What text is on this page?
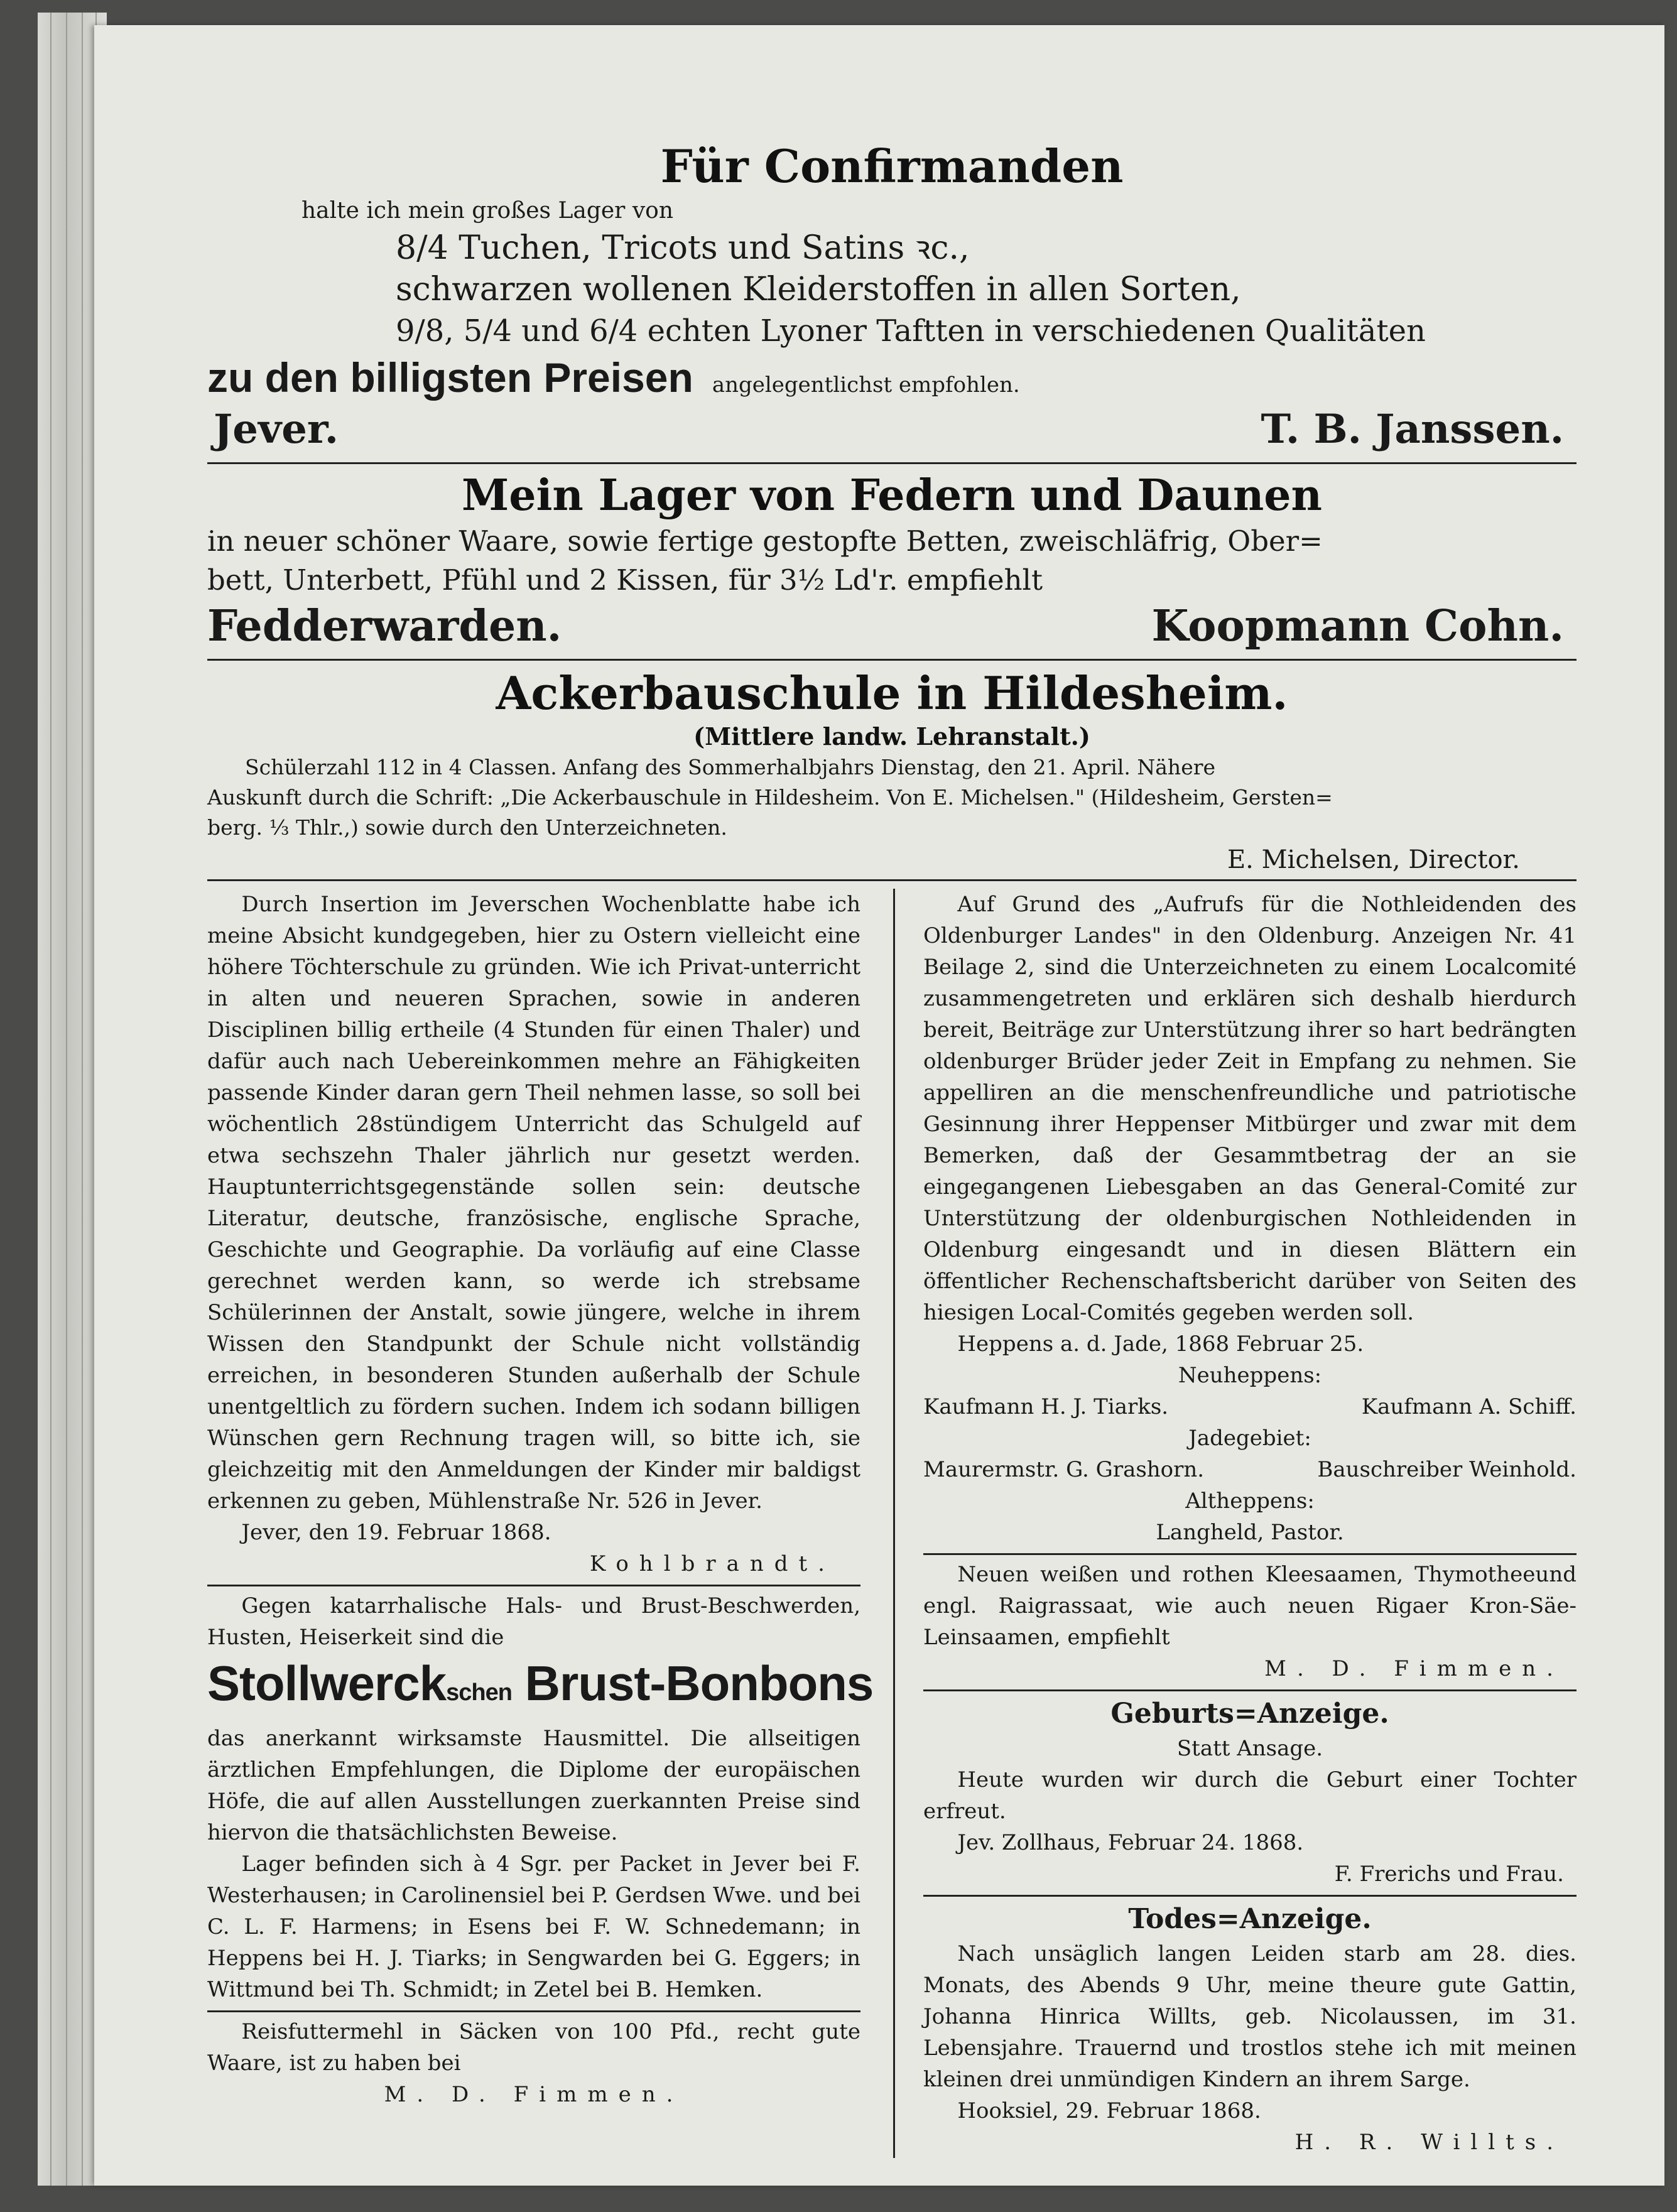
Für Confirmanden
halte ich mein großes Lager von
8/4 Tuchen, Tricots und Satins ꝛc.,
schwarzen wollenen Kleiderstoffen in allen Sorten,
9/8, 5/4 und 6/4 echten Lyoner Taftten in verschiedenen Qualitäten
zu den billigsten Preisen angelegentlichst empfohlen.
Jever.	T. B. Janssen.
Mein Lager von Federn und Daunen
in neuer schöner Waare, sowie fertige gestopfte Betten, zweischläfrig, Ober=
bett, Unterbett, Pfühl und 2 Kissen, für 3½ Ld'r. empfiehlt
Fedderwarden.	Koopmann Cohn.
Ackerbauschule in Hildesheim.
(Mittlere landw. Lehranstalt.)
Schülerzahl 112 in 4 Classen. Anfang des Sommerhalbjahrs Dienstag, den 21. April. Nähere
Auskunft durch die Schrift: „Die Ackerbauschule in Hildesheim. Von E. Michelsen." (Hildesheim, Gersten=
berg. ⅓ Thlr.,) sowie durch den Unterzeichneten.
E. Michelsen, Director.

Durch Insertion im Jeverschen Wochenblatte habe ich meine Absicht kundgegeben, hier zu Ostern vielleicht eine höhere Töchterschule zu gründen. Wie ich Privat-unterricht in alten und neueren Sprachen, sowie in anderen Disciplinen billig ertheile (4 Stunden für einen Thaler) und dafür auch nach Uebereinkommen mehre an Fähigkeiten passende Kinder daran gern Theil nehmen lasse, so soll bei wöchentlich 28stündigem Unterricht das Schulgeld auf etwa sechszehn Thaler jährlich nur gesetzt werden. Hauptunterrichtsgegenstände sollen sein: deutsche Literatur, deutsche, französische, englische Sprache, Geschichte und Geographie. Da vorläufig auf eine Classe gerechnet werden kann, so werde ich strebsame Schülerinnen der Anstalt, sowie jüngere, welche in ihrem Wissen den Standpunkt der Schule nicht vollständig erreichen, in besonderen Stunden außerhalb der Schule unentgeltlich zu fördern suchen. Indem ich sodann billigen Wünschen gern Rechnung tragen will, so bitte ich, sie gleichzeitig mit den Anmeldungen der Kinder mir baldigst erkennen zu geben, Mühlenstraße Nr. 526 in Jever.

Jever, den 19. Februar 1868.

Kohlbrandt.

Gegen katarrhalische Hals- und Brust-Beschwerden, Husten, Heiserkeit sind die

Stollwerckschen Brust-Bonbons

das anerkannt wirksamste Hausmittel. Die allseitigen ärztlichen Empfehlungen, die Diplome der europäischen Höfe, die auf allen Ausstellungen zuerkannten Preise sind hiervon die thatsächlichsten Beweise.

Lager befinden sich à 4 Sgr. per Packet in Jever bei F. Westerhausen; in Carolinensiel bei P. Gerdsen Wwe. und bei C. L. F. Harmens; in Esens bei F. W. Schnedemann; in Heppens bei H. J. Tiarks; in Sengwarden bei G. Eggers; in Wittmund bei Th. Schmidt; in Zetel bei B. Hemken.

Reisfuttermehl in Säcken von 100 Pfd., recht gute Waare, ist zu haben bei

M. D. Fimmen.

Auf Grund des „Aufrufs für die Nothleidenden des Oldenburger Landes" in den Oldenburg. Anzeigen Nr. 41 Beilage 2, sind die Unterzeichneten zu einem Localcomité zusammengetreten und erklären sich deshalb hierdurch bereit, Beiträge zur Unterstützung ihrer so hart bedrängten oldenburger Brüder jeder Zeit in Empfang zu nehmen. Sie appelliren an die menschenfreundliche und patriotische Gesinnung ihrer Heppenser Mitbürger und zwar mit dem Bemerken, daß der Gesammtbetrag der an sie eingegangenen Liebesgaben an das General-Comité zur Unterstützung der oldenburgischen Nothleidenden in Oldenburg eingesandt und in diesen Blättern ein öffentlicher Rechenschaftsbericht darüber von Seiten des hiesigen Local-Comités gegeben werden soll.

Heppens a. d. Jade, 1868 Februar 25.

Neuheppens:

Kaufmann H. J. Tiarks.	Kaufmann A. Schiff.

Jadegebiet:

Maurermstr. G. Grashorn.	Bauschreiber Weinhold.

Altheppens:

Langheld, Pastor.

Neuen weißen und rothen Kleesaamen, Thymotheeund engl. Raigrassaat, wie auch neuen Rigaer Kron-Säe-Leinsaamen, empfiehlt

M. D. Fimmen.

Geburts=Anzeige.

Statt Ansage.

Heute wurden wir durch die Geburt einer Tochter erfreut.

Jev. Zollhaus, Februar 24. 1868.

F. Frerichs und Frau.

Todes=Anzeige.

Nach unsäglich langen Leiden starb am 28. dies. Monats, des Abends 9 Uhr, meine theure gute Gattin, Johanna Hinrica Willts, geb. Nicolaussen, im 31. Lebensjahre. Trauernd und trostlos stehe ich mit meinen kleinen drei unmündigen Kindern an ihrem Sarge.

Hooksiel, 29. Februar 1868.

H. R. Willts.
